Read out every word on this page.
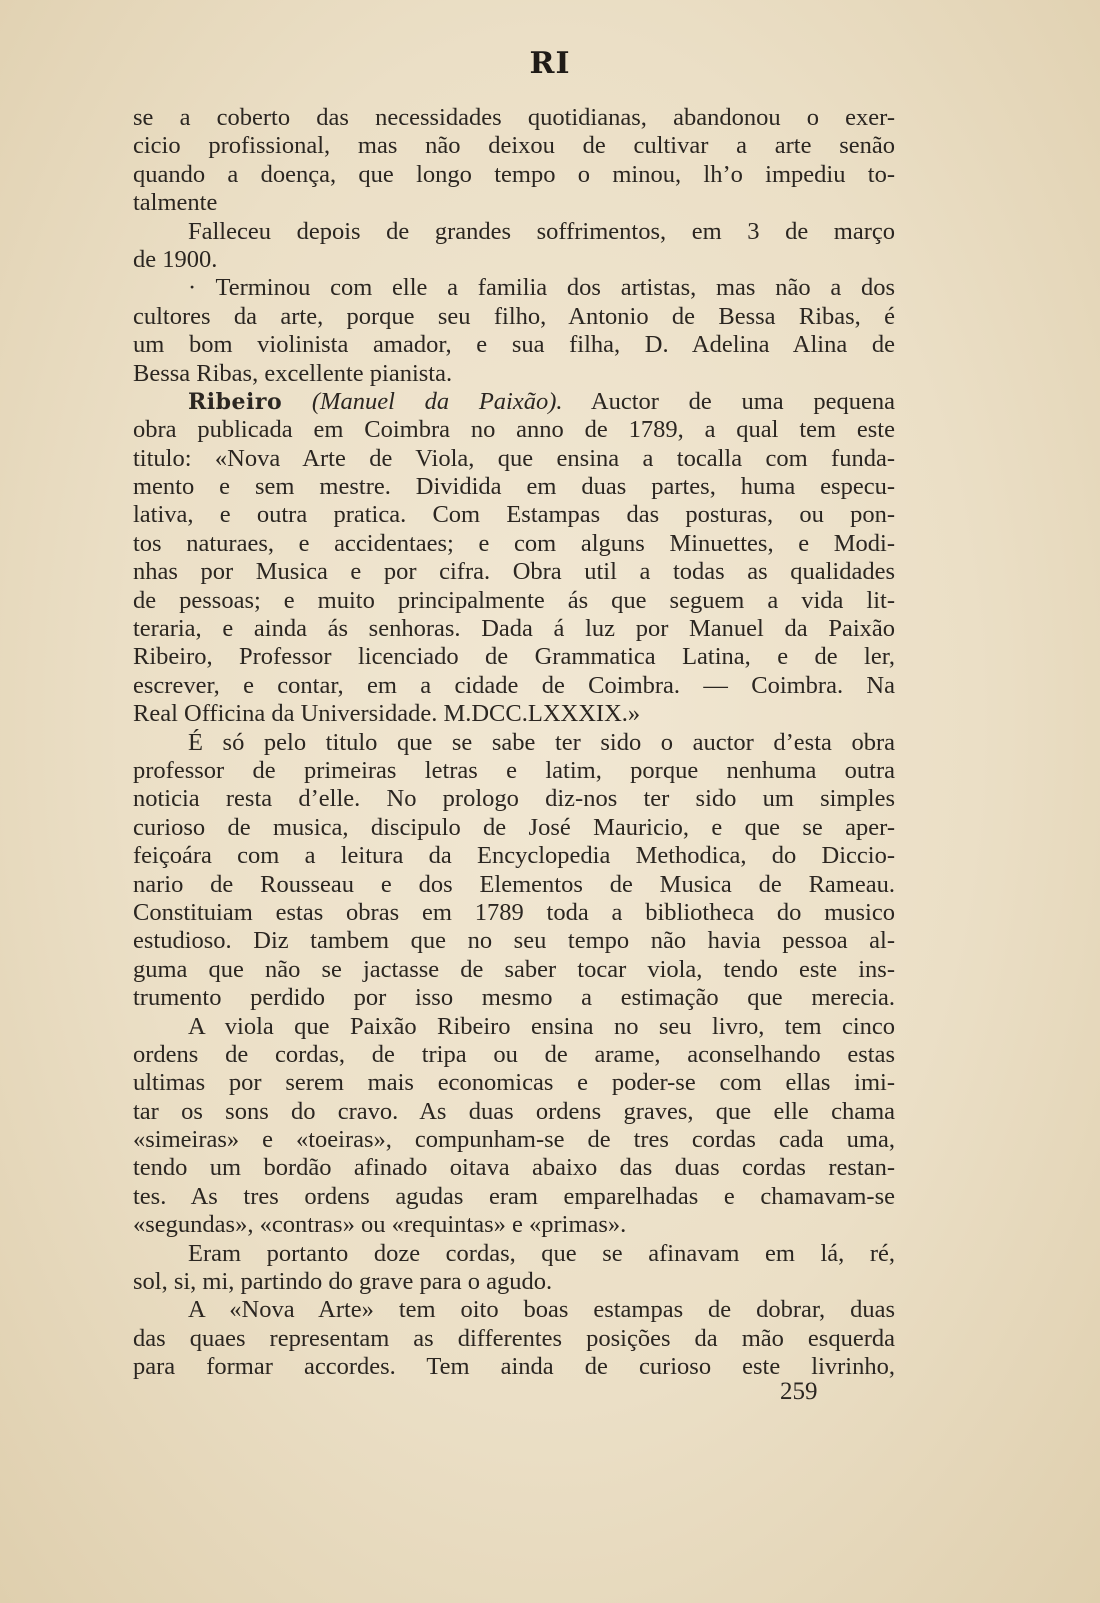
RI
se a coberto das necessidades quotidianas, abandonou o exer-
cicio profissional, mas não deixou de cultivar a arte senão
quando a doença, que longo tempo o minou, lh’o impediu to-
talmente
Falleceu depois de grandes soffrimentos, em 3 de março
de 1900.
· Terminou com elle a familia dos artistas, mas não a dos
cultores da arte, porque seu filho, Antonio de Bessa Ribas, é
um bom violinista amador, e sua filha, D. Adelina Alina de
Bessa Ribas, excellente pianista.
Ribeiro (Manuel da Paixão). Auctor de uma pequena
obra publicada em Coimbra no anno de 1789, a qual tem este
titulo: «Nova Arte de Viola, que ensina a tocalla com funda-
mento e sem mestre. Dividida em duas partes, huma especu-
lativa, e outra pratica. Com Estampas das posturas, ou pon-
tos naturaes, e accidentaes; e com alguns Minuettes, e Modi-
nhas por Musica e por cifra. Obra util a todas as qualidades
de pessoas; e muito principalmente ás que seguem a vida lit-
teraria, e ainda ás senhoras. Dada á luz por Manuel da Paixão
Ribeiro, Professor licenciado de Grammatica Latina, e de ler,
escrever, e contar, em a cidade de Coimbra. — Coimbra. Na
Real Officina da Universidade. M.DCC.LXXXIX.»
É só pelo titulo que se sabe ter sido o auctor d’esta obra
professor de primeiras letras e latim, porque nenhuma outra
noticia resta d’elle. No prologo diz-nos ter sido um simples
curioso de musica, discipulo de José Mauricio, e que se aper-
feiçoára com a leitura da Encyclopedia Methodica, do Diccio-
nario de Rousseau e dos Elementos de Musica de Rameau.
Constituiam estas obras em 1789 toda a bibliotheca do musico
estudioso. Diz tambem que no seu tempo não havia pessoa al-
guma que não se jactasse de saber tocar viola, tendo este ins-
trumento perdido por isso mesmo a estimação que merecia.
A viola que Paixão Ribeiro ensina no seu livro, tem cinco
ordens de cordas, de tripa ou de arame, aconselhando estas
ultimas por serem mais economicas e poder-se com ellas imi-
tar os sons do cravo. As duas ordens graves, que elle chama
«simeiras» e «toeiras», compunham-se de tres cordas cada uma,
tendo um bordão afinado oitava abaixo das duas cordas restan-
tes. As tres ordens agudas eram emparelhadas e chamavam-se
«segundas», «contras» ou «requintas» e «primas».
Eram portanto doze cordas, que se afinavam em lá, ré,
sol, si, mi, partindo do grave para o agudo.
A «Nova Arte» tem oito boas estampas de dobrar, duas
das quaes representam as differentes posições da mão esquerda
para formar accordes. Tem ainda de curioso este livrinho,
259
